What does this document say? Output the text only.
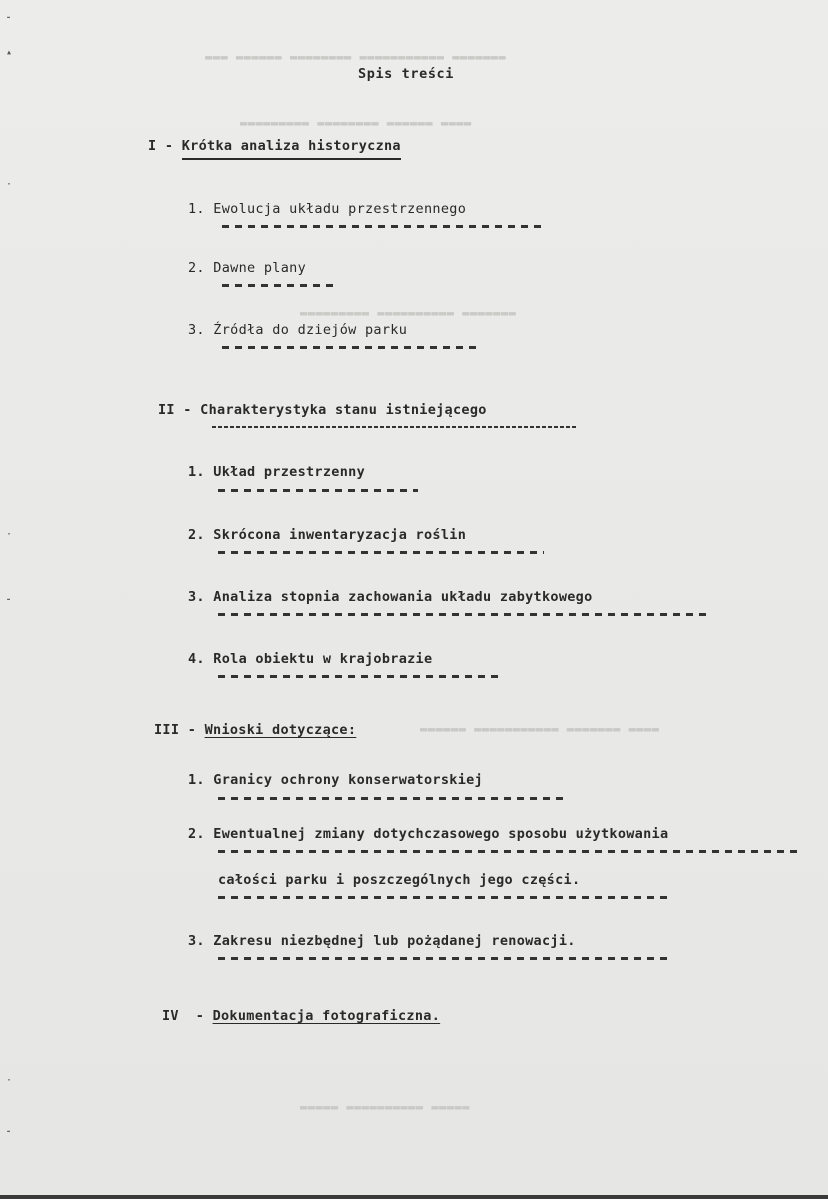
▬▬▬ ▬▬▬▬▬▬ ▬▬▬▬▬▬▬▬ ▬▬▬▬▬▬▬▬▬▬▬ ▬▬▬▬▬▬▬
▬▬▬▬▬▬▬▬▬ ▬▬▬▬▬▬▬▬ ▬▬▬▬▬▬ ▬▬▬▬
▬▬▬▬▬▬▬▬▬ ▬▬▬▬▬▬▬▬▬▬ ▬▬▬▬▬▬▬
▬▬▬▬▬▬ ▬▬▬▬▬▬▬▬▬▬▬ ▬▬▬▬▬▬▬ ▬▬▬▬
▬▬▬▬▬ ▬▬▬▬▬▬▬▬▬▬ ▬▬▬▬▬
⁃
▴
·
·
⁃
·
⁃
Spis treści
I - Krótka analiza historyczna
1. Ewolucja układu przestrzennego
2. Dawne plany
3. Źródła do dziejów parku
II - Charakterystyka stanu istniejącego
1. Układ przestrzenny
2. Skrócona inwentaryzacja roślin
3. Analiza stopnia zachowania układu zabytkowego
4. Rola obiektu w krajobrazie
III - Wnioski dotyczące:
1. Granicy ochrony konserwatorskiej
2. Ewentualnej zmiany dotychczasowego sposobu użytkowania
całości parku i poszczególnych jego części.
3. Zakresu niezbędnej lub pożądanej renowacji.
IV  - Dokumentacja fotograficzna.
